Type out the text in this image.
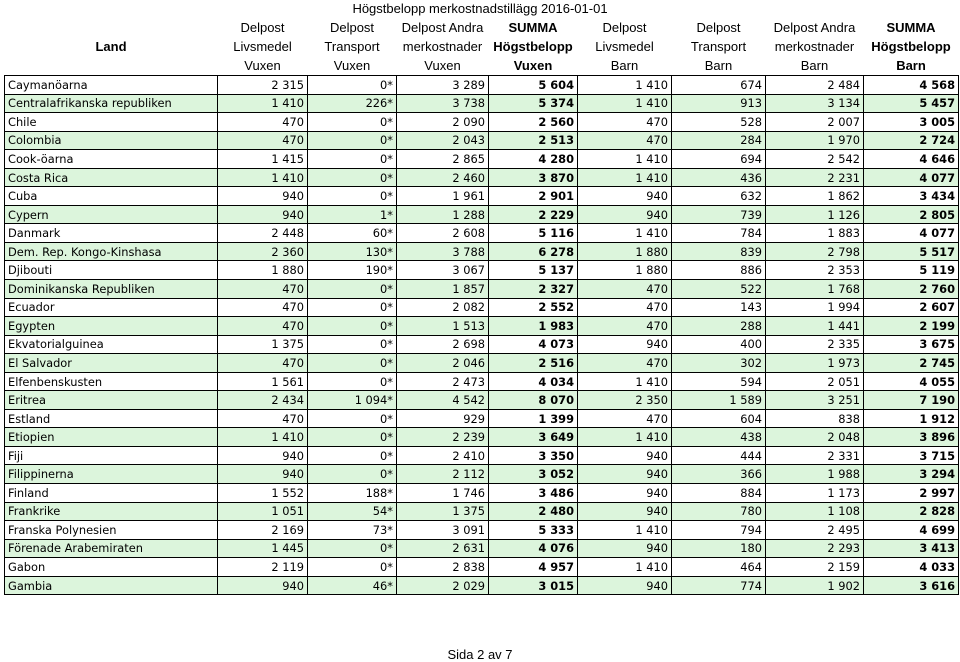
Högstbelopp merkostnadstillägg 2016-01-01
Land	Delpost	Delpost	Delpost Andra	SUMMA	Delpost	Delpost	Delpost Andra	SUMMA
	Livsmedel	Transport	merkostnader	Högstbelopp	Livsmedel	Transport	merkostnader	Högstbelopp
	Vuxen	Vuxen	Vuxen	Vuxen	Barn	Barn	Barn	Barn
Caymanöarna	2 315	0*	3 289	5 604	1 410	674	2 484	4 568
Centralafrikanska republiken	1 410	226*	3 738	5 374	1 410	913	3 134	5 457
Chile	470	0*	2 090	2 560	470	528	2 007	3 005
Colombia	470	0*	2 043	2 513	470	284	1 970	2 724
Cook-öarna	1 415	0*	2 865	4 280	1 410	694	2 542	4 646
Costa Rica	1 410	0*	2 460	3 870	1 410	436	2 231	4 077
Cuba	940	0*	1 961	2 901	940	632	1 862	3 434
Cypern	940	1*	1 288	2 229	940	739	1 126	2 805
Danmark	2 448	60*	2 608	5 116	1 410	784	1 883	4 077
Dem. Rep. Kongo-Kinshasa	2 360	130*	3 788	6 278	1 880	839	2 798	5 517
Djibouti	1 880	190*	3 067	5 137	1 880	886	2 353	5 119
Dominikanska Republiken	470	0*	1 857	2 327	470	522	1 768	2 760
Ecuador	470	0*	2 082	2 552	470	143	1 994	2 607
Egypten	470	0*	1 513	1 983	470	288	1 441	2 199
Ekvatorialguinea	1 375	0*	2 698	4 073	940	400	2 335	3 675
El Salvador	470	0*	2 046	2 516	470	302	1 973	2 745
Elfenbenskusten	1 561	0*	2 473	4 034	1 410	594	2 051	4 055
Eritrea	2 434	1 094*	4 542	8 070	2 350	1 589	3 251	7 190
Estland	470	0*	929	1 399	470	604	838	1 912
Etiopien	1 410	0*	2 239	3 649	1 410	438	2 048	3 896
Fiji	940	0*	2 410	3 350	940	444	2 331	3 715
Filippinerna	940	0*	2 112	3 052	940	366	1 988	3 294
Finland	1 552	188*	1 746	3 486	940	884	1 173	2 997
Frankrike	1 051	54*	1 375	2 480	940	780	1 108	2 828
Franska Polynesien	2 169	73*	3 091	5 333	1 410	794	2 495	4 699
Förenade Arabemiraten	1 445	0*	2 631	4 076	940	180	2 293	3 413
Gabon	2 119	0*	2 838	4 957	1 410	464	2 159	4 033
Gambia	940	46*	2 029	3 015	940	774	1 902	3 616
Sida 2 av 7
